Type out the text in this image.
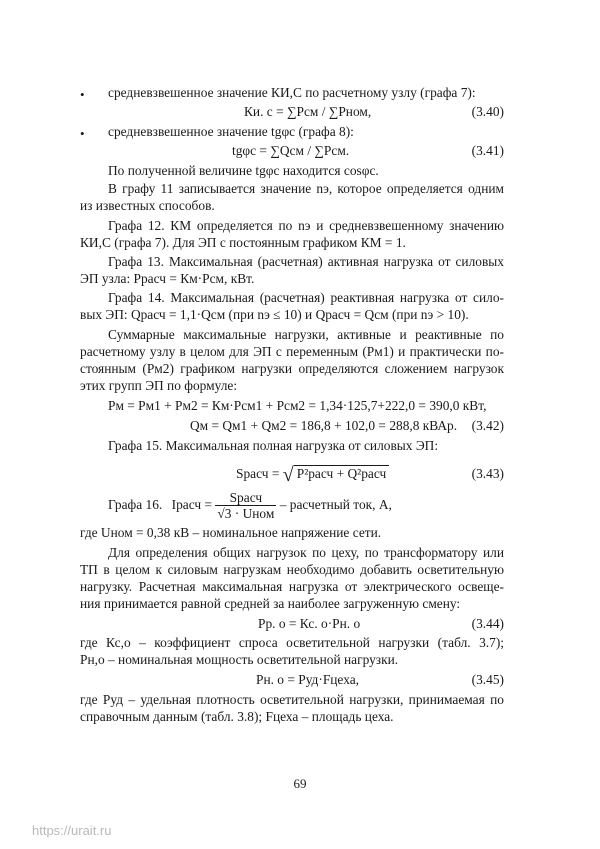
• средневзвешенное значение КИ,С по расчетному узлу (графа 7):
Ки. с = ∑Рсм / ∑Рном,	(3.40)
• средневзвешенное значение tgφс (графа 8):
tgφс = ∑Qсм / ∑Рсм.	(3.41)
По полученной величине tgφс находится cosφс.
В графу 11 записывается значение nэ, которое определяется одним
из известных способов.
Графа 12. КМ определяется по nэ и средневзвешенному значению
КИ,С (графа 7). Для ЭП с постоянным графиком КМ = 1.
Графа 13. Максимальная (расчетная) активная нагрузка от силовых
ЭП узла: Ррасч = Км·Рсм, кВт.
Графа 14. Максимальная (расчетная) реактивная нагрузка от сило-
вых ЭП: Qрасч = 1,1·Qсм (при nэ ≤ 10) и Qрасч = Qсм (при nэ > 10).
Суммарные максимальные нагрузки, активные и реактивные по
расчетному узлу в целом для ЭП с переменным (Рм1) и практически по-
стоянным (Рм2) графиком нагрузки определяются сложением нагрузок
этих групп ЭП по формуле:
Рм = Рм1 + Рм2 = Км·Рсм1 + Рсм2 = 1,34·125,7+222,0 = 390,0 кВт,
Qм = Qм1 + Qм2 = 186,8 + 102,0 = 288,8 кВАр. (3.42)
Графа 15. Максимальная полная нагрузка от силовых ЭП:
Sрасч = √ P²расч + Q²расч	(3.43)
Графа 16. Iрасч = $\frac{\text{Sрасч}}{\text{√3 · Uном}}$ – расчетный ток, А,
где Uном = 0,38 кВ – номинальное напряжение сети.
Для определения общих нагрузок по цеху, по трансформатору или
ТП в целом к силовым нагрузкам необходимо добавить осветительную
нагрузку. Расчетная максимальная нагрузка от электрического освеще-
ния принимается равной средней за наиболее загруженную смену:
Рр. о = Кс. о·Рн. о	(3.44)
где Кс,о – коэффициент спроса осветительной нагрузки (табл. 3.7);
Рн,о – номинальная мощность осветительной нагрузки.
Рн. о = Руд·Fцеха,	(3.45)
где Руд – удельная плотность осветительной нагрузки, принимаемая по
справочным данным (табл. 3.8); Fцеха – площадь цеха.
69
https://urait.ru
